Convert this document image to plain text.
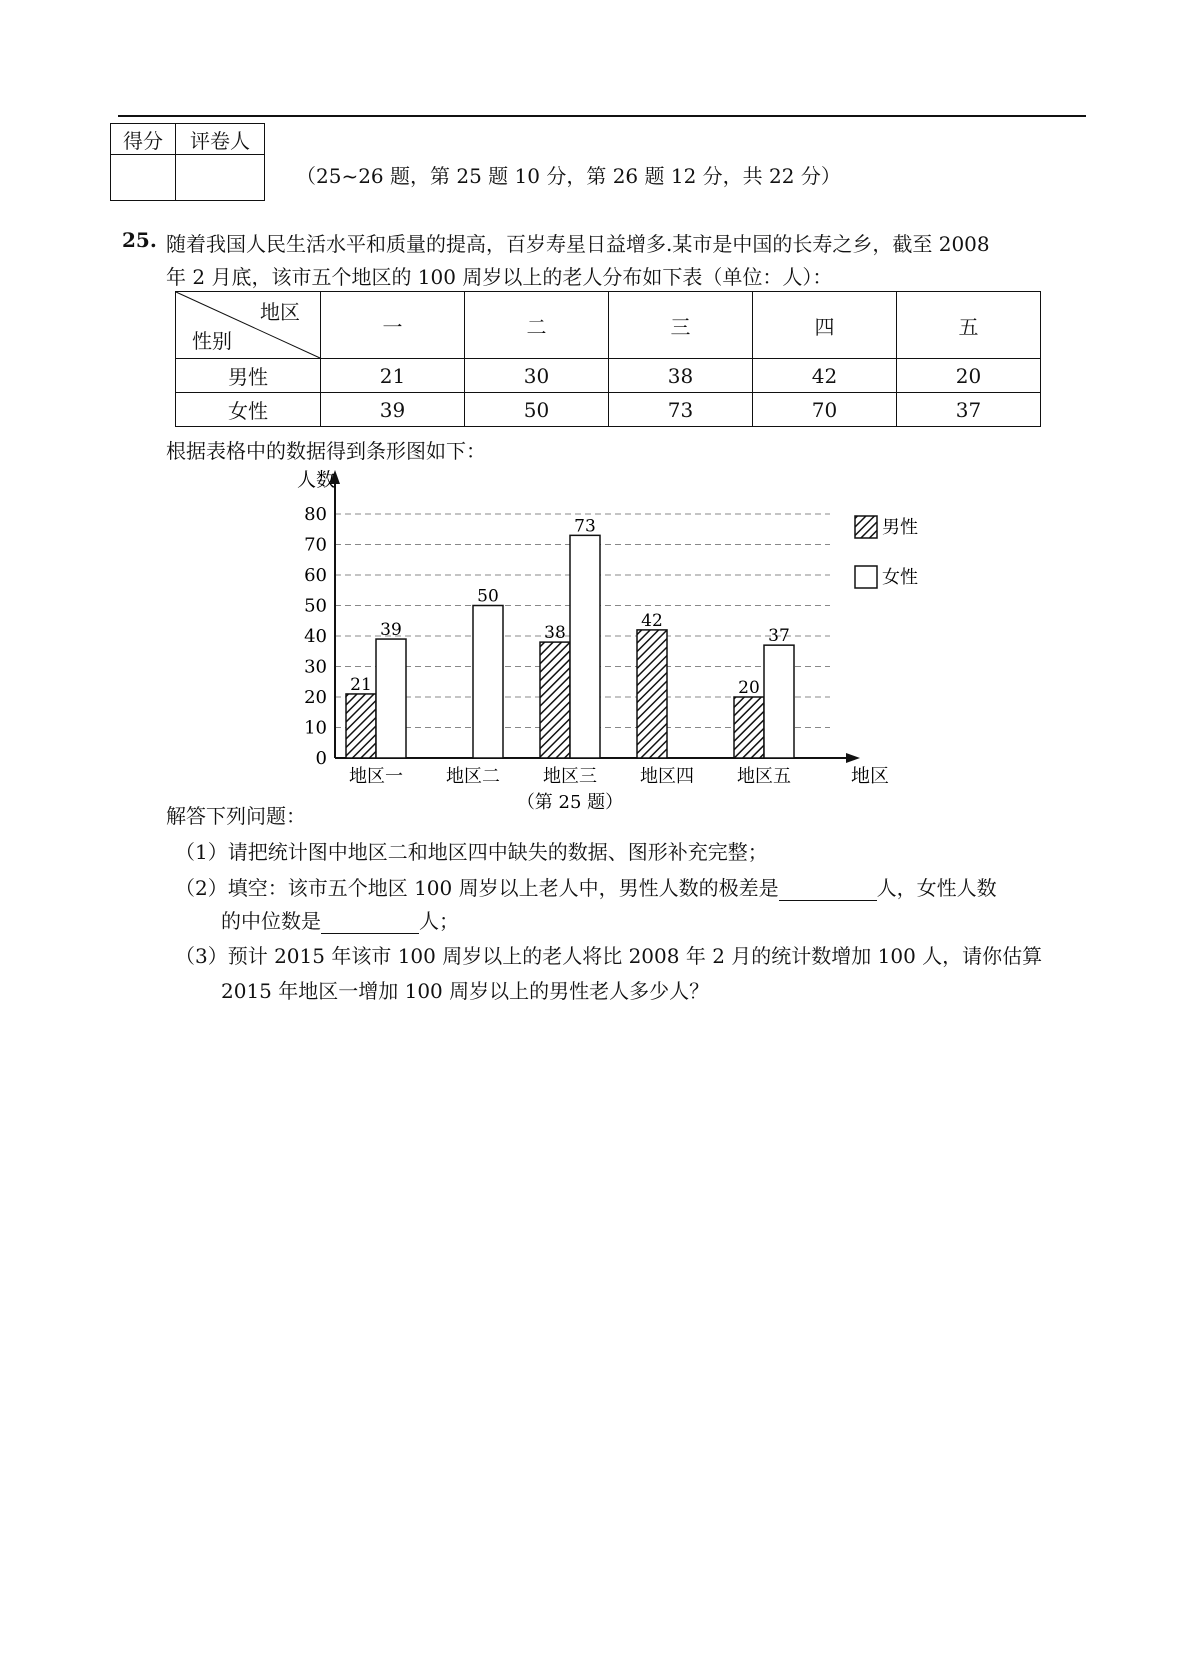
得分	评卷人

（25~26 题，第 25 题 10 分，第 26 题 12 分，共 22 分）
25. 随着我国人民生活水平和质量的提高，百岁寿星日益增多.某市是中国的长寿之乡，截至 2008
年 2 月底，该市五个地区的 100 周岁以上的老人分布如下表（单位：人）：
地区
性别	一	二	三	四	五
男性	21	30	38	42	20
女性	39	50	73	70	37
根据表格中的数据得到条形图如下：
0
10
20
30
40
50
60
70
80
人数
地区
21
39
地区一
50
地区二
38
73
地区三
42
地区四
20
37
地区五
男性
女性
（第 25 题）
解答下列问题：
（1）请把统计图中地区二和地区四中缺失的数据、图形补充完整；
（2）填空：该市五个地区 100 周岁以上老人中，男性人数的极差是	人，女性人数
的中位数是	人；
（3）预计 2015 年该市 100 周岁以上的老人将比 2008 年 2 月的统计数增加 100 人，请你估算
2015 年地区一增加 100 周岁以上的男性老人多少人？
